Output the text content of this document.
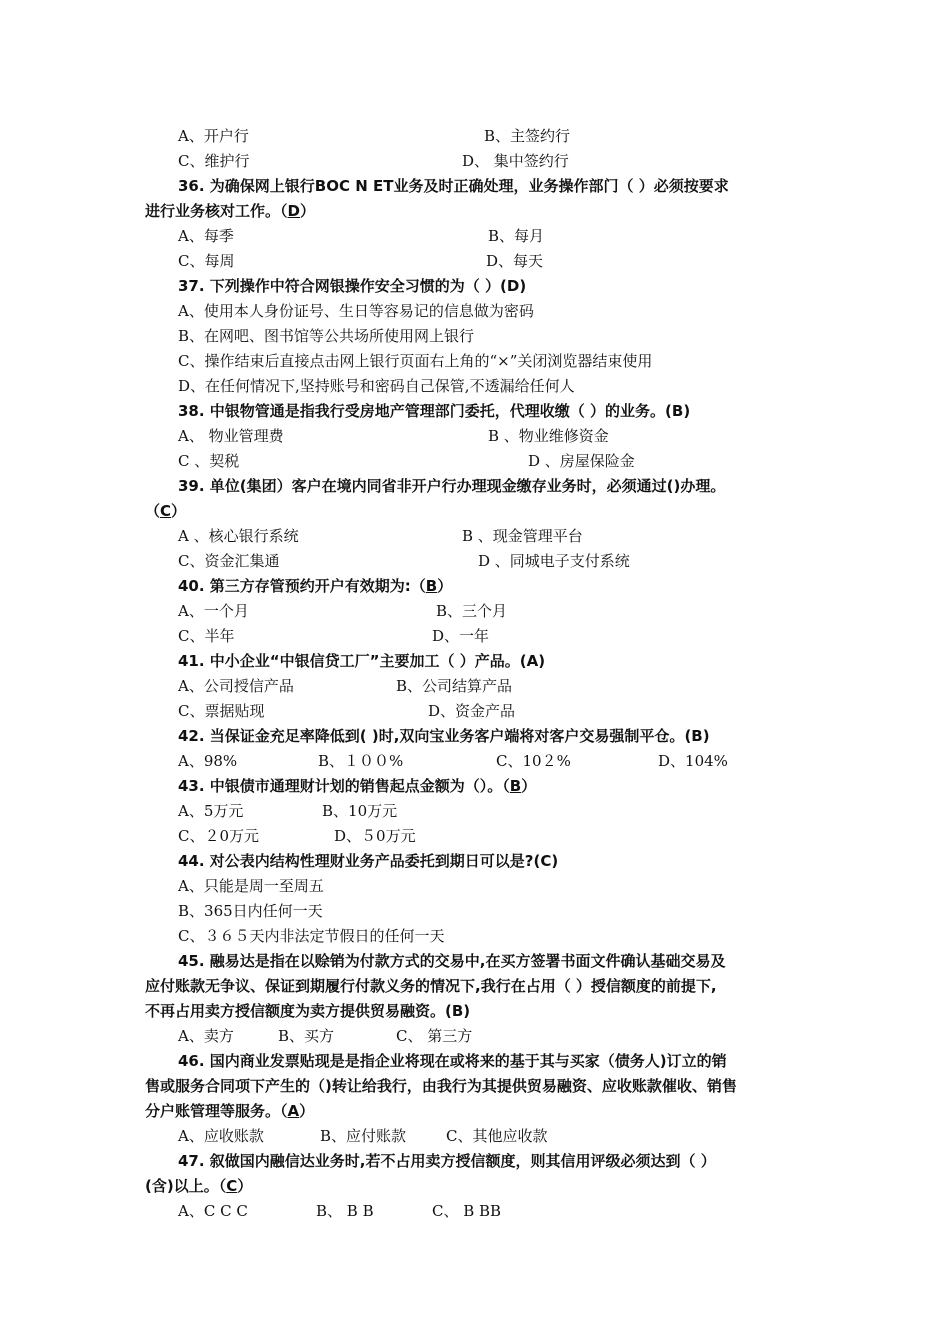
A、开户行	B、主签约行
C、维护行	D、 集中签约行
36. 为确保网上银行BOC N ET业务及时正确处理，业务操作部门（ ）必须按要求
进行业务核对工作。（D）
A、每季	B、每月
C、每周	D、每天
37. 下列操作中符合网银操作安全习惯的为（ ）(D)
A、使用本人身份证号、生日等容易记的信息做为密码
B、在网吧、图书馆等公共场所使用网上银行
C、操作结束后直接点击网上银行页面右上角的“×”关闭浏览器结束使用
D、在任何情况下,坚持账号和密码自己保管,不透漏给任何人
38. 中银物管通是指我行受房地产管理部门委托，代理收缴（ ）的业务。(B)
A、 物业管理费	B 、物业维修资金
C 、契税	D 、房屋保险金
39. 单位(集团）客户在境内同省非开户行办理现金缴存业务时，必须通过()办理。
（C）
A 、核心银行系统	B 、现金管理平台
C、资金汇集通	D 、同城电子支付系统
40. 第三方存管预约开户有效期为:（B）
A、一个月	B、三个月
C、半年	D、一年
41. 中小企业“中银信贷工厂”主要加工（ ）产品。(A)
A、公司授信产品	B、公司结算产品
C、票据贴现	D、资金产品
42. 当保证金充足率降低到( )时,双向宝业务客户端将对客户交易强制平仓。(B)
A、98%	B、１００%	C、10２%	D、104%
43. 中银债市通理财计划的销售起点金额为（）。（B）
A、5万元	B、10万元
C、２0万元	D、５0万元
44. 对公表内结构性理财业务产品委托到期日可以是?(C)
A、只能是周一至周五
B、365日内任何一天
C、３６５天内非法定节假日的任何一天
45. 融易达是指在以赊销为付款方式的交易中,在买方签署书面文件确认基础交易及
应付账款无争议、保证到期履行付款义务的情况下,我行在占用（ ）授信额度的前提下,
不再占用卖方授信额度为卖方提供贸易融资。(B)
A、卖方	B、买方	C、 第三方
46. 国内商业发票贴现是是指企业将现在或将来的基于其与买家（债务人)订立的销
售或服务合同项下产生的（)转让给我行，由我行为其提供贸易融资、应收账款催收、销售
分户账管理等服务。（A）
A、应收账款	B、应付账款	C、其他应收款
47. 叙做国内融信达业务时,若不占用卖方授信额度，则其信用评级必须达到（ ）
(含)以上。（C）
A、C C C	B、 B B	C、 B BB
